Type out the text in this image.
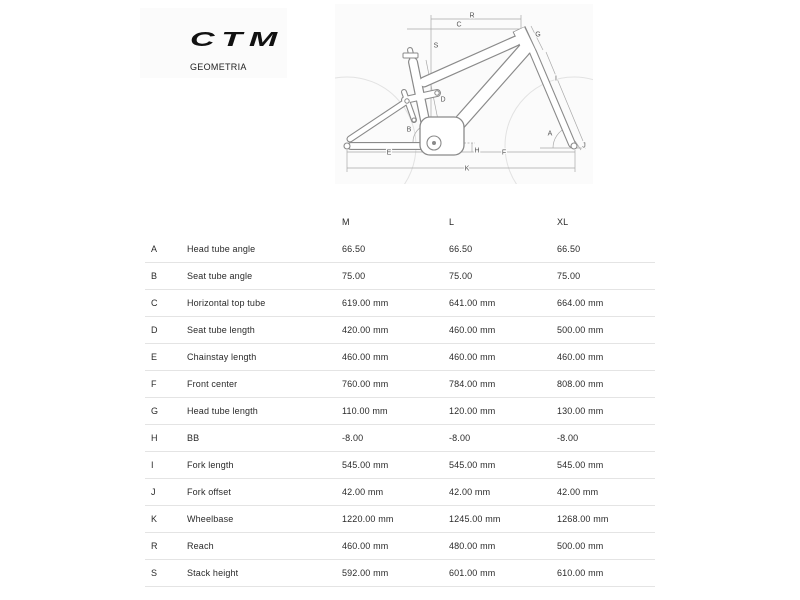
CTM
GEOMETRIA
R
C
S
G
I
D
B
E	H	F
K
A
J
M	L	XL
A	Head tube angle	66.50	66.50	66.50
B	Seat tube angle	75.00	75.00	75.00
C	Horizontal top tube	619.00 mm	641.00 mm	664.00 mm
D	Seat tube length	420.00 mm	460.00 mm	500.00 mm
E	Chainstay length	460.00 mm	460.00 mm	460.00 mm
F	Front center	760.00 mm	784.00 mm	808.00 mm
G	Head tube length	110.00 mm	120.00 mm	130.00 mm
H	BB	-8.00	-8.00	-8.00
I	Fork length	545.00 mm	545.00 mm	545.00 mm
J	Fork offset	42.00 mm	42.00 mm	42.00 mm
K	Wheelbase	1220.00 mm	1245.00 mm	1268.00 mm
R	Reach	460.00 mm	480.00 mm	500.00 mm
S	Stack height	592.00 mm	601.00 mm	610.00 mm
